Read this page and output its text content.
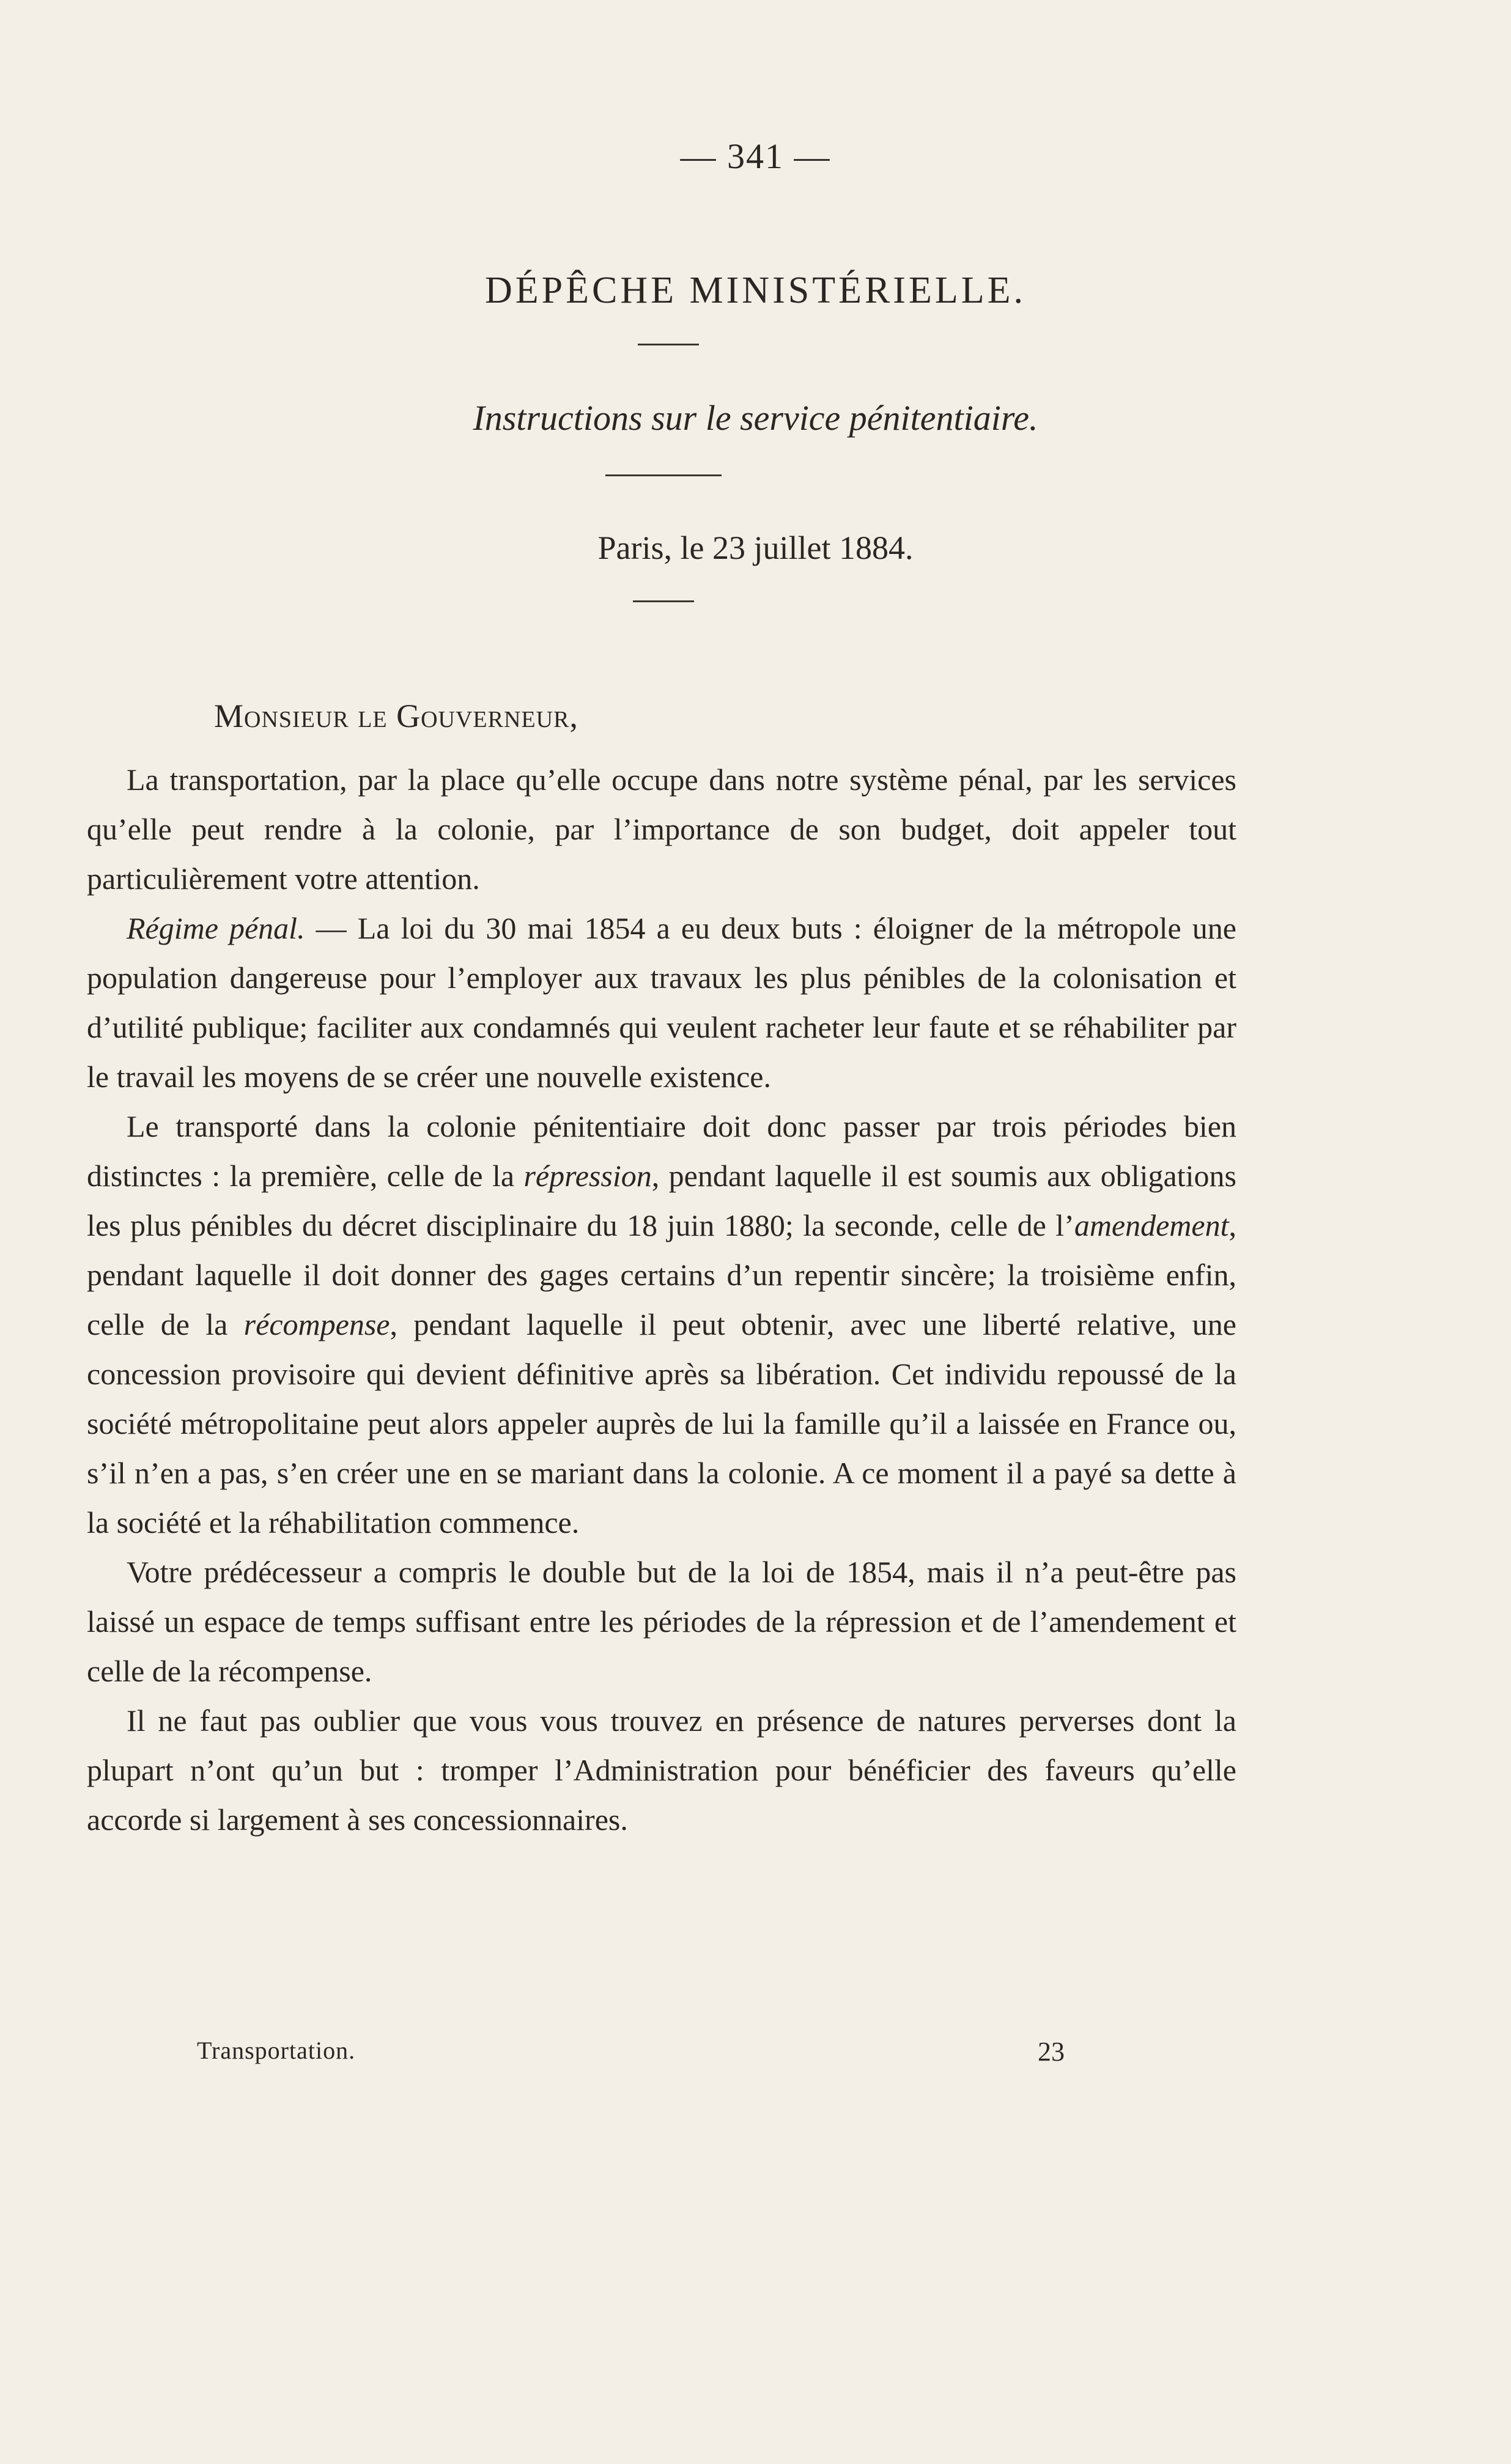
— 341 —
DÉPÊCHE MINISTÉRIELLE.
Instructions sur le service pénitentiaire.
Paris, le 23 juillet 1884.
Monsieur le Gouverneur,

La transportation, par la place qu’elle occupe dans notre système pénal, par les services qu’elle peut rendre à la colonie, par l’importance de son budget, doit appeler tout particulièrement votre attention.

Régime pénal. — La loi du 30 mai 1854 a eu deux buts : éloigner de la métropole une population dangereuse pour l’employer aux travaux les plus pénibles de la colonisation et d’utilité publique; faciliter aux condamnés qui veulent racheter leur faute et se réhabiliter par le travail les moyens de se créer une nouvelle existence.

Le transporté dans la colonie pénitentiaire doit donc passer par trois périodes bien distinctes : la première, celle de la répression, pendant laquelle il est soumis aux obligations les plus pénibles du décret disciplinaire du 18 juin 1880; la seconde, celle de l’amendement, pendant laquelle il doit donner des gages certains d’un repentir sincère; la troisième enfin, celle de la récompense, pendant laquelle il peut obtenir, avec une liberté relative, une concession provisoire qui devient définitive après sa libération. Cet individu repoussé de la société métropolitaine peut alors appeler auprès de lui la famille qu’il a laissée en France ou, s’il n’en a pas, s’en créer une en se mariant dans la colonie. A ce moment il a payé sa dette à la société et la réhabilitation commence.

Votre prédécesseur a compris le double but de la loi de 1854, mais il n’a peut-être pas laissé un espace de temps suffisant entre les périodes de la répression et de l’amendement et celle de la récompense.

Il ne faut pas oublier que vous vous trouvez en présence de natures perverses dont la plupart n’ont qu’un but : tromper l’Administration pour bénéficier des faveurs qu’elle accorde si largement à ses concessionnaires.

Transportation.	23
